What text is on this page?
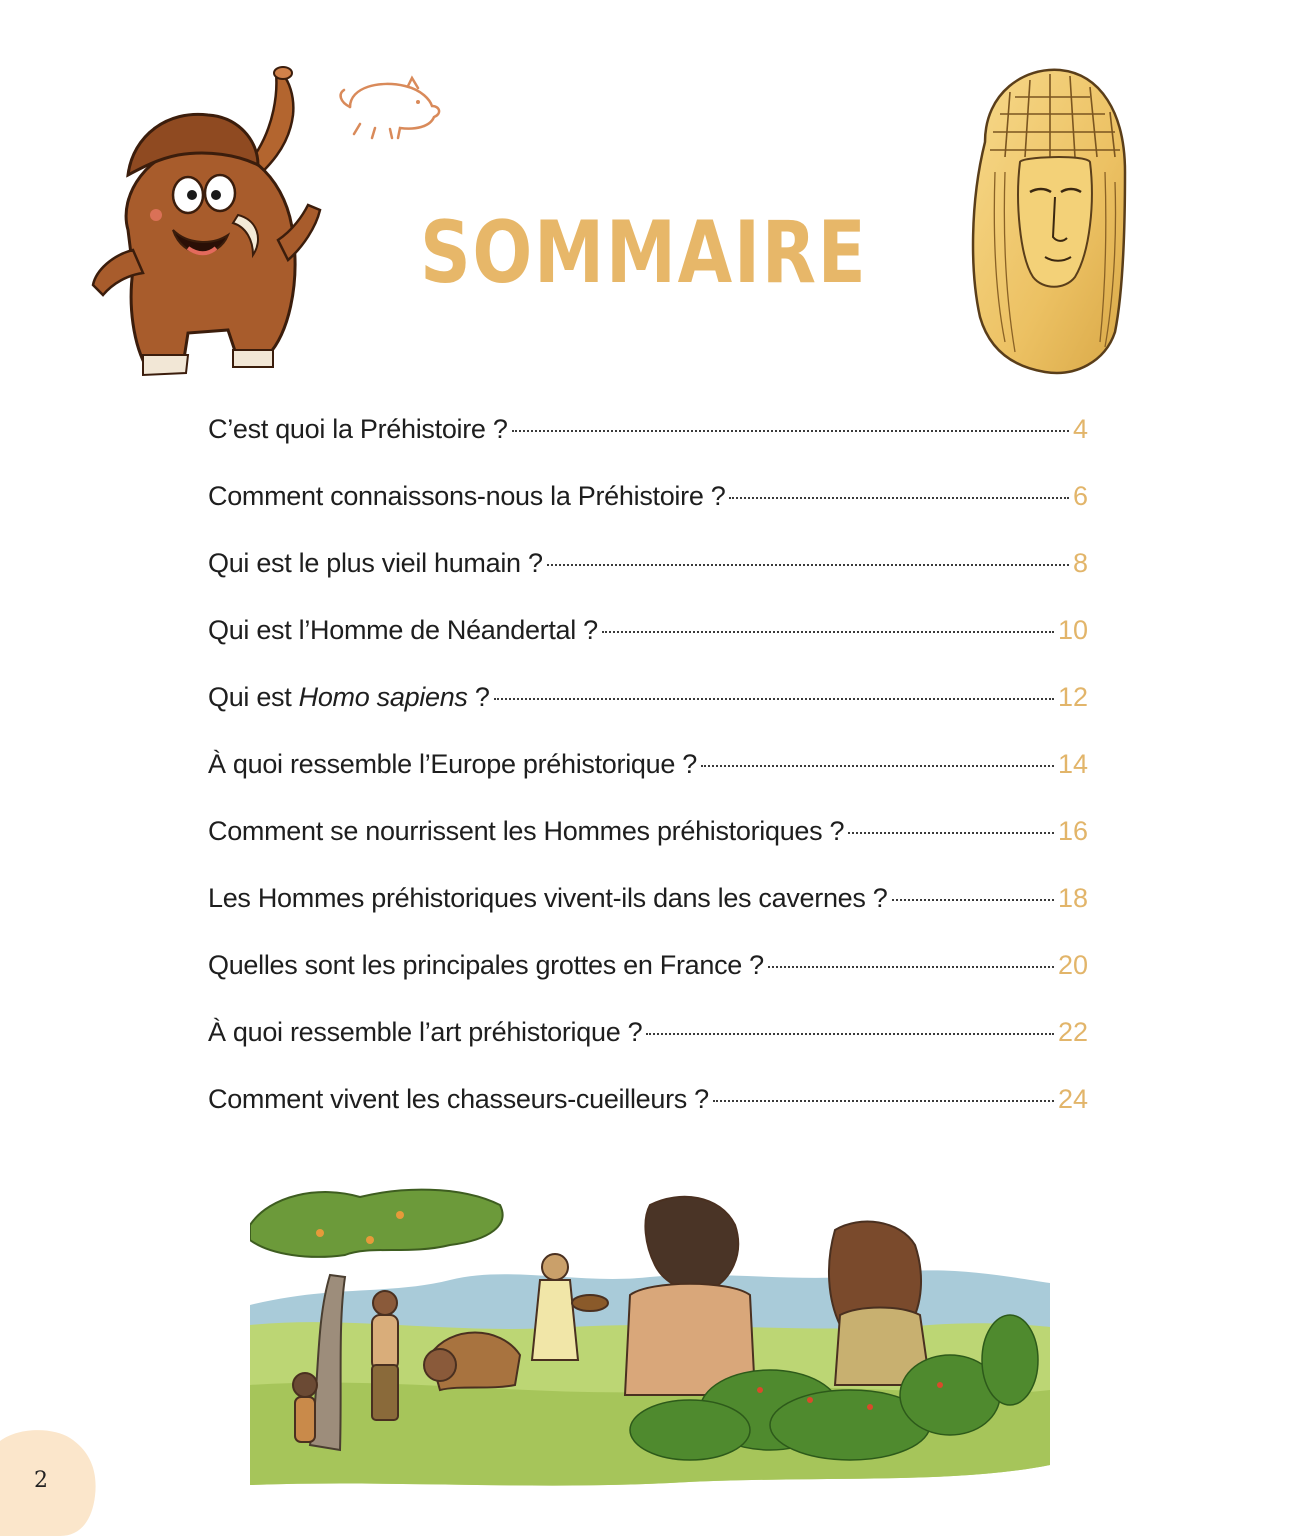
SOMMAIRE
C’est quoi la Préhistoire ?	4
Comment connaissons-nous la Préhistoire ?	6
Qui est le plus vieil humain ?	8
Qui est l’Homme de Néandertal ?	10
Qui est Homo sapiens ?	12
À quoi ressemble l’Europe préhistorique ?	14
Comment se nourrissent les Hommes préhistoriques ?	16
Les Hommes préhistoriques vivent-ils dans les cavernes ?	18
Quelles sont les principales grottes en France ?	20
À quoi ressemble l’art préhistorique ?	22
Comment vivent les chasseurs-cueilleurs ?	24
2
